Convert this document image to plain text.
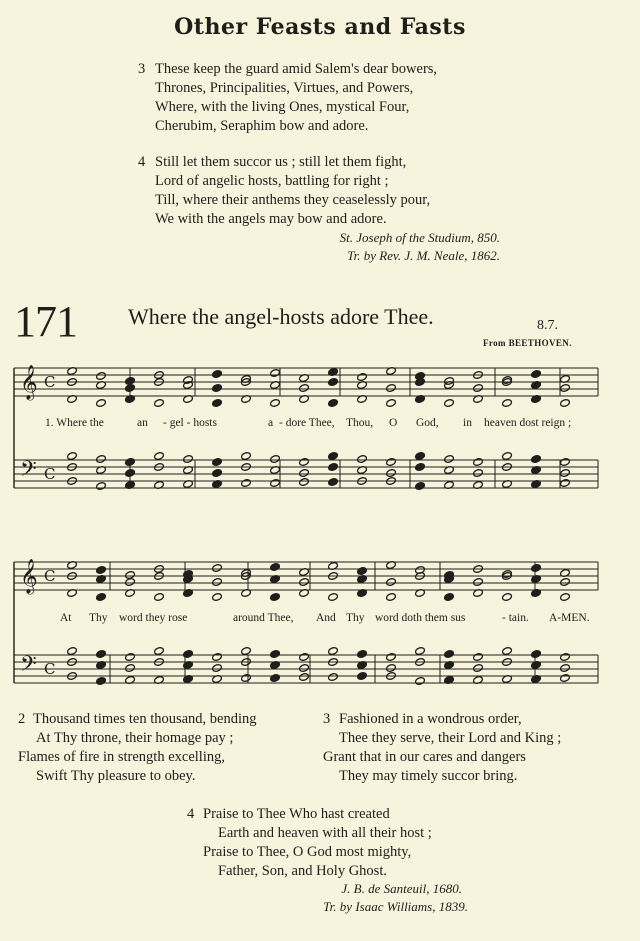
Other Feasts and Fasts
3 These keep the guard amid Salem's dear bowers,
Thrones, Principalities, Virtues, and Powers,
Where, with the living Ones, mystical Four,
Cherubim, Seraphim bow and adore.
4 Still let them succor us ; still let them fight,
Lord of angelic hosts, battling for right ;
Till, where their anthems they ceaselessly pour,
We with the angels may bow and adore.
St. Joseph of the Studium, 850.
Tr. by Rev. J. M. Neale, 1862.
171 Where the angel-hosts adore Thee.	8.7.
From BEETHOVEN.
𝄞
𝄢
C
C
𝄞
𝄢
C
C
1. Where the	an - gel - hosts	a - dore Thee, Thou, O God, in heaven dost reign ;
At Thy word they rose	around Thee, And Thy word doth them sus	- tain. A-MEN.
2 Thousand times ten thousand, bending
At Thy throne, their homage pay ;
Flames of fire in strength excelling,
Swift Thy pleasure to obey.
3 Fashioned in a wondrous order,
Thee they serve, their Lord and King ;
Grant that in our cares and dangers
They may timely succor bring.
4 Praise to Thee Who hast created
Earth and heaven with all their host ;
Praise to Thee, O God most mighty,
Father, Son, and Holy Ghost.
J. B. de Santeuil, 1680.
Tr. by Isaac Williams, 1839.
